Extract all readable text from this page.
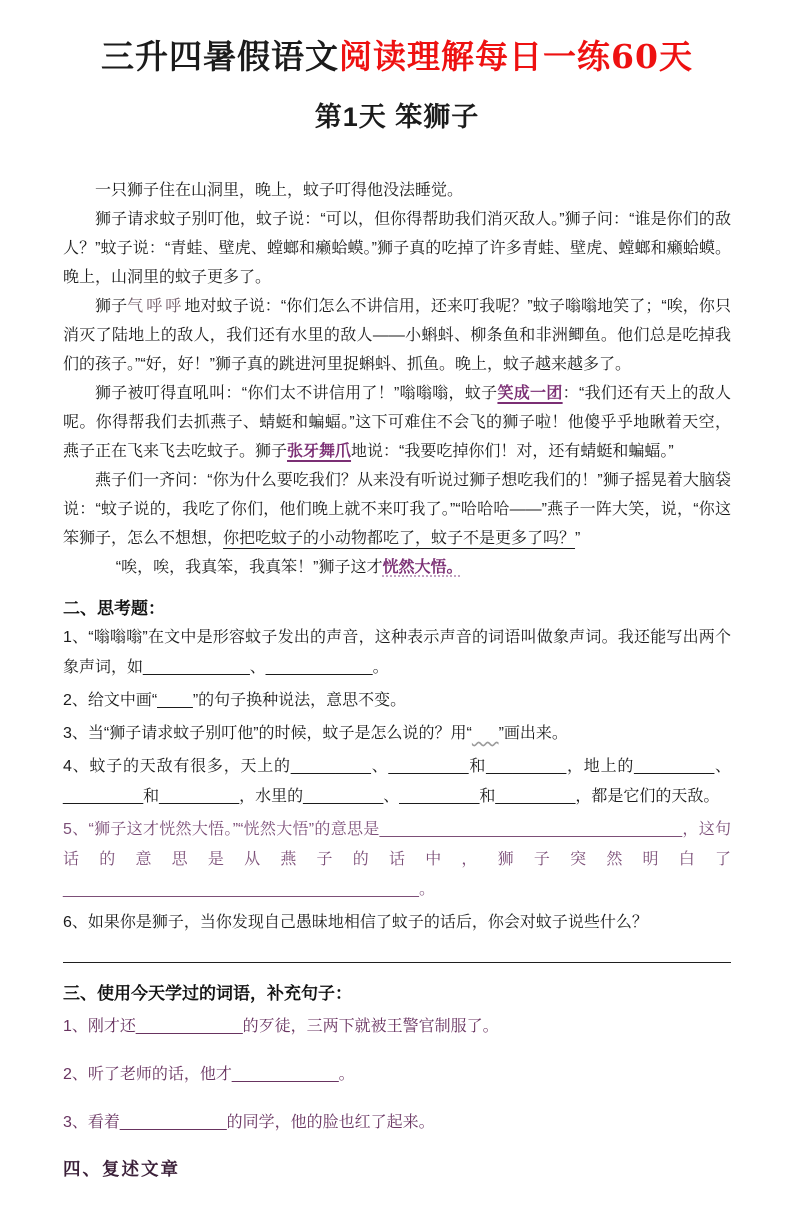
三升四暑假语文阅读理解每日一练60天
第1天 笨狮子

一只狮子住在山洞里，晚上，蚊子叮得他没法睡觉。

狮子请求蚊子别叮他，蚊子说：“可以，但你得帮助我们消灭敌人。”狮子问：“谁是你们的敌人？”蚊子说：“青蛙、壁虎、螳螂和癞蛤蟆。”狮子真的吃掉了许多青蛙、壁虎、螳螂和癞蛤蟆。晚上，山洞里的蚊子更多了。

狮子气呼呼地对蚊子说：“你们怎么不讲信用，还来叮我呢？”蚊子嗡嗡地笑了；“唉，你只消灭了陆地上的敌人，我们还有水里的敌人——小蝌蚪、柳条鱼和非洲鲫鱼。他们总是吃掉我们的孩子。”“好，好！”狮子真的跳进河里捉蝌蚪、抓鱼。晚上，蚊子越来越多了。

狮子被叮得直吼叫：“你们太不讲信用了！”嗡嗡嗡，蚊子笑成一团：“我们还有天上的敌人呢。你得帮我们去抓燕子、蜻蜓和蝙蝠。”这下可难住不会飞的狮子啦！他傻乎乎地瞅着天空，燕子正在飞来飞去吃蚊子。狮子张牙舞爪地说：“我要吃掉你们！对，还有蜻蜓和蝙蝠。”

燕子们一齐问：“你为什么要吃我们？从来没有听说过狮子想吃我们的！”狮子摇晃着大脑袋说：“蚊子说的，我吃了你们，他们晚上就不来叮我了。”“哈哈哈——”燕子一阵大笑，说，“你这笨狮子，怎么不想想，你把吃蚊子的小动物都吃了，蚊子不是更多了吗？”

“唉，唉，我真笨，我真笨！”狮子这才恍然大悟。

二、思考题：

1、“嗡嗡嗡”在文中是形容蚊子发出的声音，这种表示声音的词语叫做象声词。我还能写出两个象声词，如____________、____________。

2、给文中画“____”的句子换种说法，意思不变。

3、当“狮子请求蚊子别叮他”的时候，蚊子是怎么说的？用“ ”画出来。

4、蚊子的天敌有很多，天上的_________、_________和_________，地上的_________、_________和_________，水里的_________、_________和_________，都是它们的天敌。

5、“狮子这才恍然大悟。”“恍然大悟”的意思是__________________________________，这句话的意思是从燕子的话中，狮子突然明白了________________________________________。

6、如果你是狮子，当你发现自己愚昧地相信了蚊子的话后，你会对蚊子说些什么？

三、使用今天学过的词语，补充句子：

1、刚才还____________的歹徒，三两下就被王警官制服了。

2、听了老师的话，他才____________。

3、看着____________的同学，他的脸也红了起来。

四、复述文章
